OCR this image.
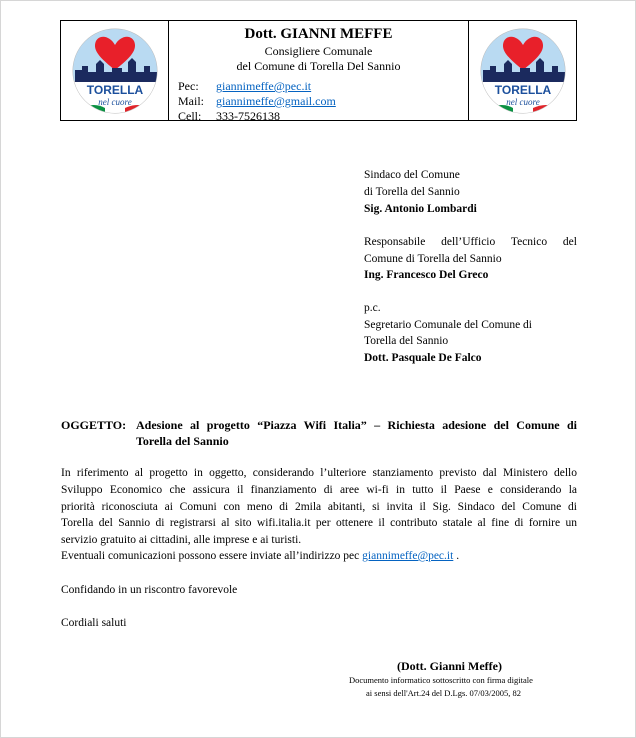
TORELLA
nel cuore
Dott. GIANNI MEFFE
Consigliere Comunale
del Comune di Torella Del Sannio
Pec: giannimeffe@pec.it
Mail: giannimeffe@gmail.com
Cell: 333-7526138
TORELLA
nel cuore
Sindaco del Comune
di Torella del Sannio
Sig. Antonio Lombardi
Responsabile dell’Ufficio Tecnico del
Comune di Torella del Sannio
Ing. Francesco Del Greco
p.c.
Segretario Comunale del Comune di
Torella del Sannio
Dott. Pasquale De Falco
OGGETTO: Adesione al progetto “Piazza Wifi Italia” – Richiesta adesione del Comune di
Torella del Sannio
In riferimento al progetto in oggetto, considerando l’ulteriore stanziamento previsto dal Ministero dello
Sviluppo Economico che assicura il finanziamento di aree wi-fi in tutto il Paese e considerando la
priorità riconosciuta ai Comuni con meno di 2mila abitanti, si invita il Sig. Sindaco del Comune di
Torella del Sannio di registrarsi al sito wifi.italia.it per ottenere il contributo statale al fine di fornire un
servizio gratuito ai cittadini, alle imprese e ai turisti.
Eventuali comunicazioni possono essere inviate all’indirizzo pec giannimeffe@pec.it .
Confidando in un riscontro favorevole
Cordiali saluti
(Dott. Gianni Meffe)
Documento informatico sottoscritto con firma digitale
ai sensi dell'Art.24 del D.Lgs. 07/03/2005, 82
